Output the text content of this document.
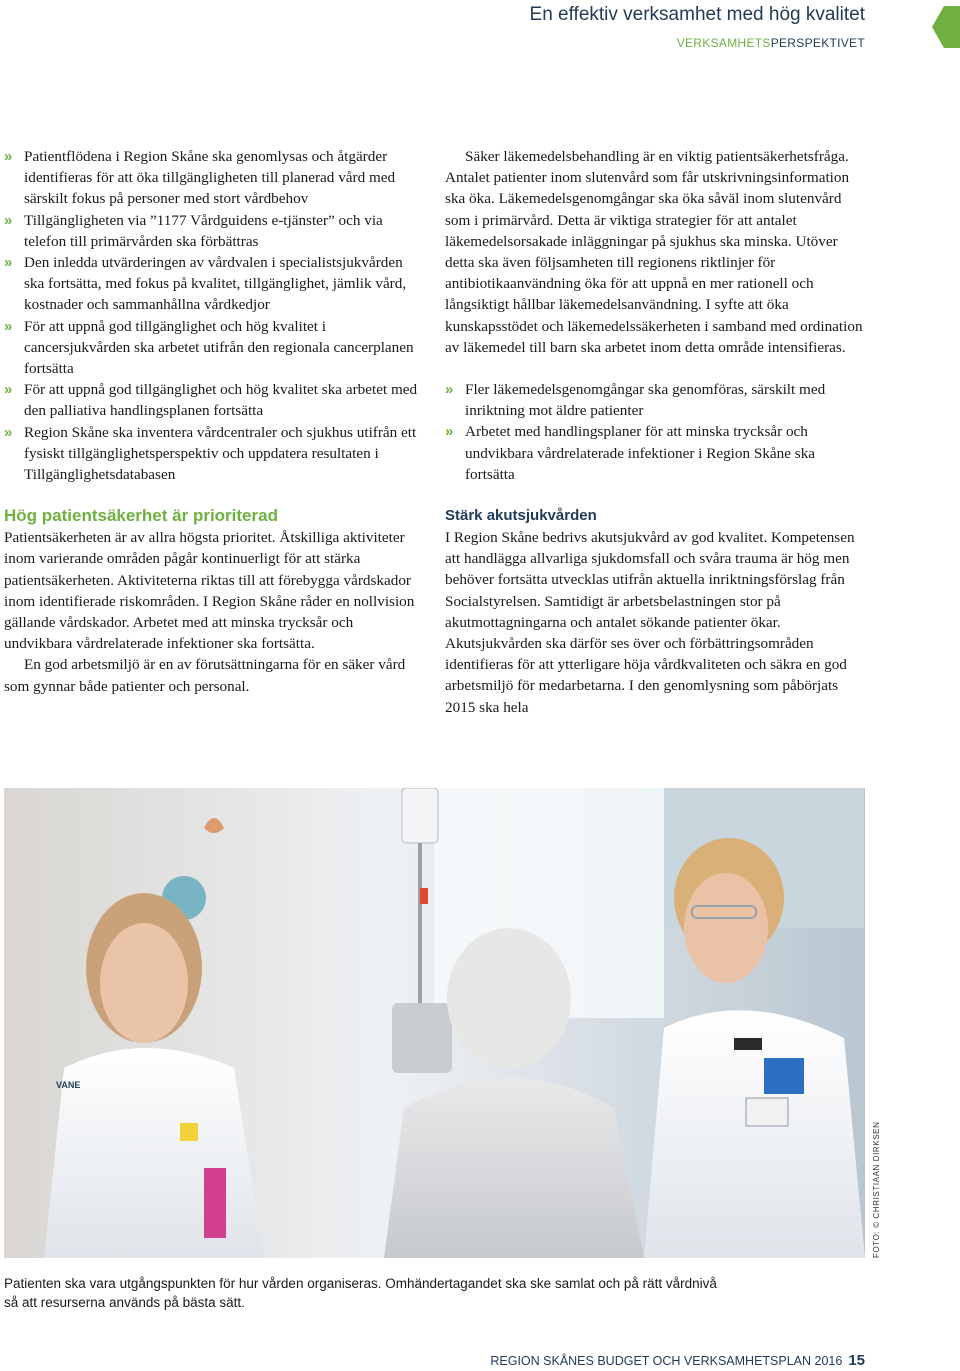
En effektiv verksamhet med hög kvalitet
VERKSAMHETSPERSPEKTIVET
» Patientflödena i Region Skåne ska genomlysas och åtgärder identifieras för att öka tillgängligheten till planerad vård med särskilt fokus på personer med stort vårdbehov
» Tillgängligheten via ”1177 Vårdguidens e-tjänster” och via telefon till primärvården ska förbättras
» Den inledda utvärderingen av vårdvalen i specialistsjukvården ska fortsätta, med fokus på kvalitet, tillgänglighet, jämlik vård, kostnader och sammanhållna vårdkedjor
» För att uppnå god tillgänglighet och hög kvalitet i cancersjukvården ska arbetet utifrån den regionala cancerplanen fortsätta
» För att uppnå god tillgänglighet och hög kvalitet ska arbetet med den palliativa handlingsplanen fortsätta
» Region Skåne ska inventera vårdcentraler och sjukhus utifrån ett fysiskt tillgänglighetsperspektiv och uppdatera resultaten i Tillgänglighetsdatabasen
Hög patientsäkerhet är prioriterad

Patientsäkerheten är av allra högsta prioritet. Åtskilliga aktiviteter inom varierande områden pågår kontinuerligt för att stärka patientsäkerheten. Aktiviteterna riktas till att förebygga vårdskador inom identifierade riskområden. I Region Skåne råder en nollvision gällande vårdskador. Arbetet med att minska trycksår och undvikbara vårdrelaterade infektioner ska fortsätta.

En god arbetsmiljö är en av förutsättningarna för en säker vård som gynnar både patienter och personal.

Säker läkemedelsbehandling är en viktig patientsäkerhetsfråga. Antalet patienter inom slutenvård som får utskrivningsinformation ska öka. Läkemedelsgenomgångar ska öka såväl inom slutenvård som i primärvård. Detta är viktiga strategier för att antalet läkemedelsorsakade inläggningar på sjukhus ska minska. Utöver detta ska även följsamheten till regionens riktlinjer för antibiotikaanvändning öka för att uppnå en mer rationell och långsiktigt hållbar läkemedelsanvändning. I syfte att öka kunskapsstödet och läkemedelssäkerheten i samband med ordination av läkemedel till barn ska arbetet inom detta område intensifieras.

» Fler läkemedelsgenomgångar ska genomföras, särskilt med inriktning mot äldre patienter
» Arbetet med handlingsplaner för att minska trycksår och undvikbara vårdrelaterade infektioner i Region Skåne ska fortsätta
Stärk akutsjukvården

I Region Skåne bedrivs akutsjukvård av god kvalitet. Kompetensen att handlägga allvarliga sjukdomsfall och svåra trauma är hög men behöver fortsätta utvecklas utifrån aktuella inriktningsförslag från Socialstyrelsen. Samtidigt är arbetsbelastningen stor på akutmottagningarna och antalet sökande patienter ökar. Akutsjukvården ska därför ses över och förbättringsområden identifieras för att ytterligare höja vårdkvaliteten och säkra en god arbetsmiljö för medarbetarna. I den genomlysning som påbörjats 2015 ska hela

VANE
FOTO: © CHRISTIAAN DIRKSEN
Patienten ska vara utgångspunkten för hur vården organiseras. Omhändertagandet ska ske samlat och på rätt vårdnivå så att resurserna används på bästa sätt.
REGION SKÅNES BUDGET OCH VERKSAMHETSPLAN 2016 15
